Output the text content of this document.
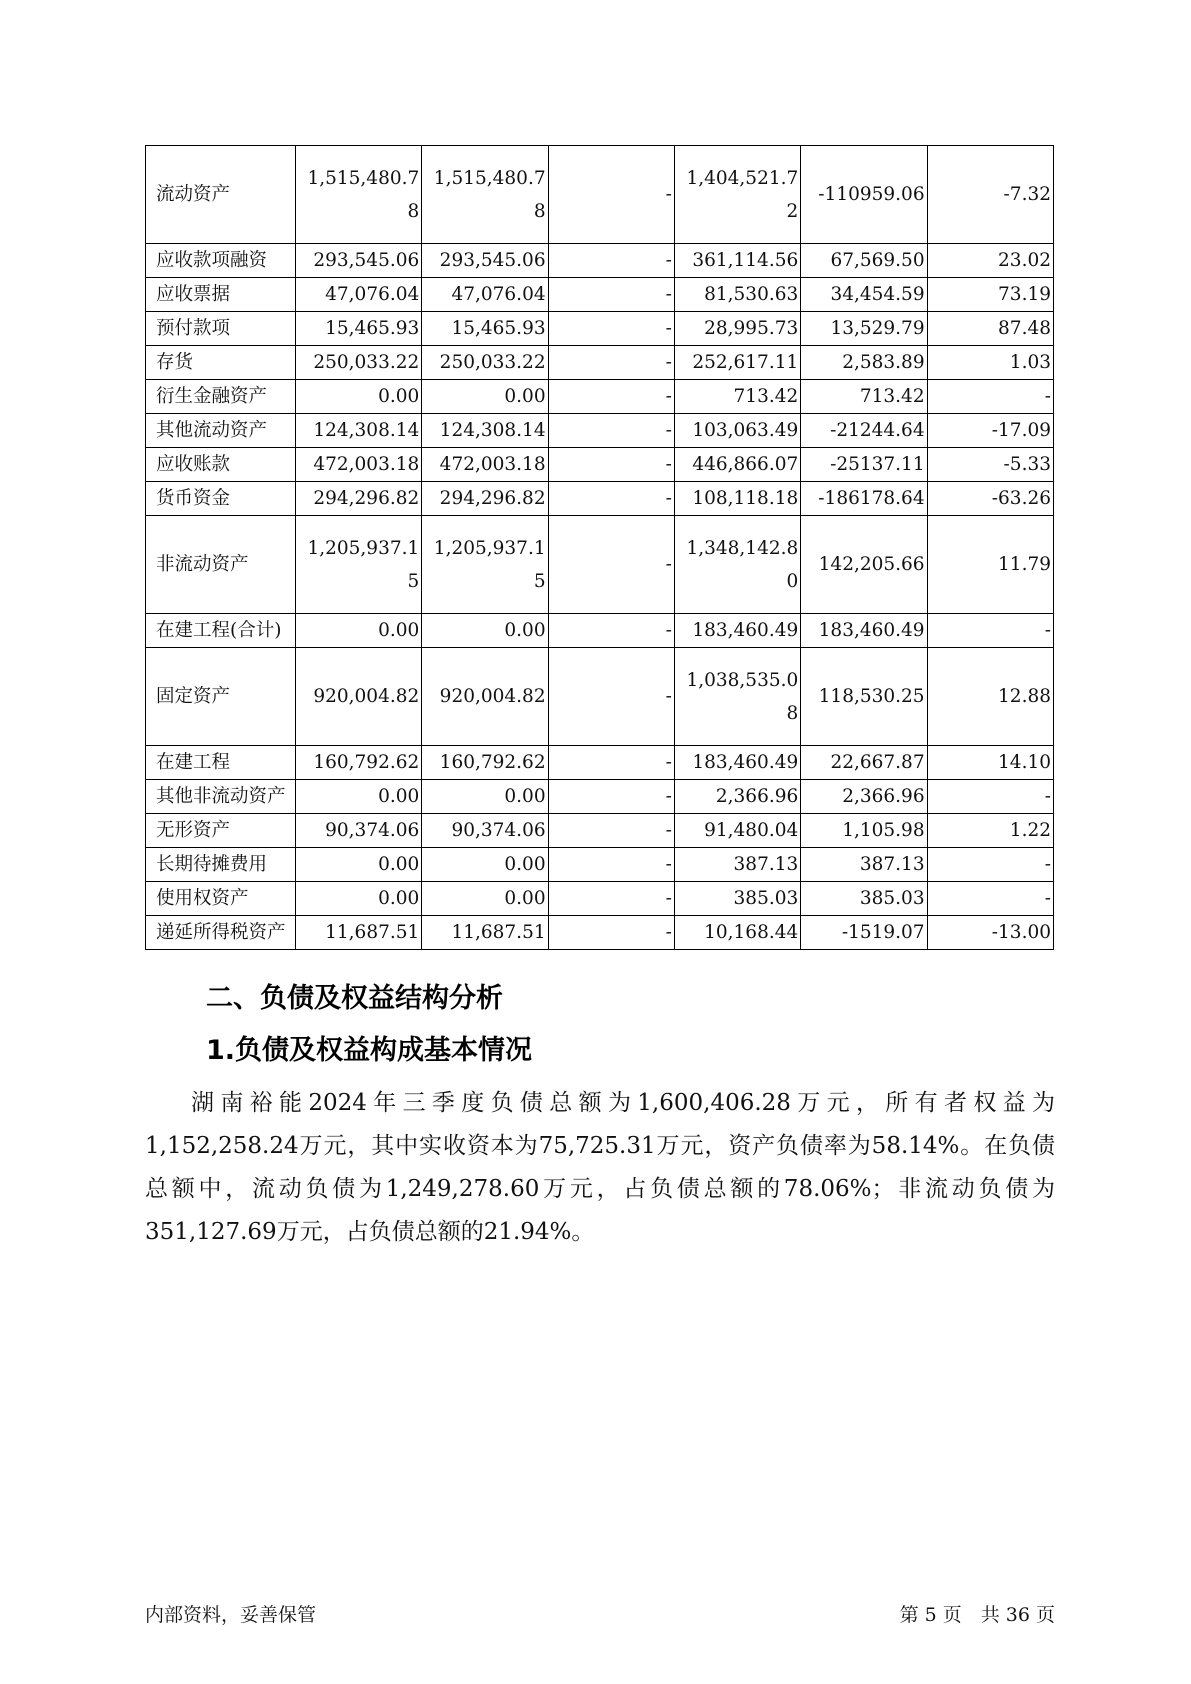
流动资产	1,515,480.78	1,515,480.78	-	1,404,521.72	-110959.06	-7.32
应收款项融资	293,545.06	293,545.06	-	361,114.56	67,569.50	23.02
应收票据	47,076.04	47,076.04	-	81,530.63	34,454.59	73.19
预付款项	15,465.93	15,465.93	-	28,995.73	13,529.79	87.48
存货	250,033.22	250,033.22	-	252,617.11	2,583.89	1.03
衍生金融资产	0.00	0.00	-	713.42	713.42	-
其他流动资产	124,308.14	124,308.14	-	103,063.49	-21244.64	-17.09
应收账款	472,003.18	472,003.18	-	446,866.07	-25137.11	-5.33
货币资金	294,296.82	294,296.82	-	108,118.18	-186178.64	-63.26
非流动资产	1,205,937.15	1,205,937.15	-	1,348,142.80	142,205.66	11.79
在建工程(合计)	0.00	0.00	-	183,460.49	183,460.49	-
固定资产	920,004.82	920,004.82	-	1,038,535.08	118,530.25	12.88
在建工程	160,792.62	160,792.62	-	183,460.49	22,667.87	14.10
其他非流动资产	0.00	0.00	-	2,366.96	2,366.96	-
无形资产	90,374.06	90,374.06	-	91,480.04	1,105.98	1.22
长期待摊费用	0.00	0.00	-	387.13	387.13	-
使用权资产	0.00	0.00	-	385.03	385.03	-
递延所得税资产	11,687.51	11,687.51	-	10,168.44	-1519.07	-13.00
二、负债及权益结构分析
1.负债及权益构成基本情况

湖南裕能2024年三季度负债总额为1,600,406.28万元，所有者权益为1,152,258.24万元，其中实收资本为75,725.31万元，资产负债率为58.14%。在负债总额中，流动负债为1,249,278.60万元，占负债总额的78.06%；非流动负债为351,127.69万元，占负债总额的21.94%。

内部资料，妥善保管	第 5 页　共 36 页
